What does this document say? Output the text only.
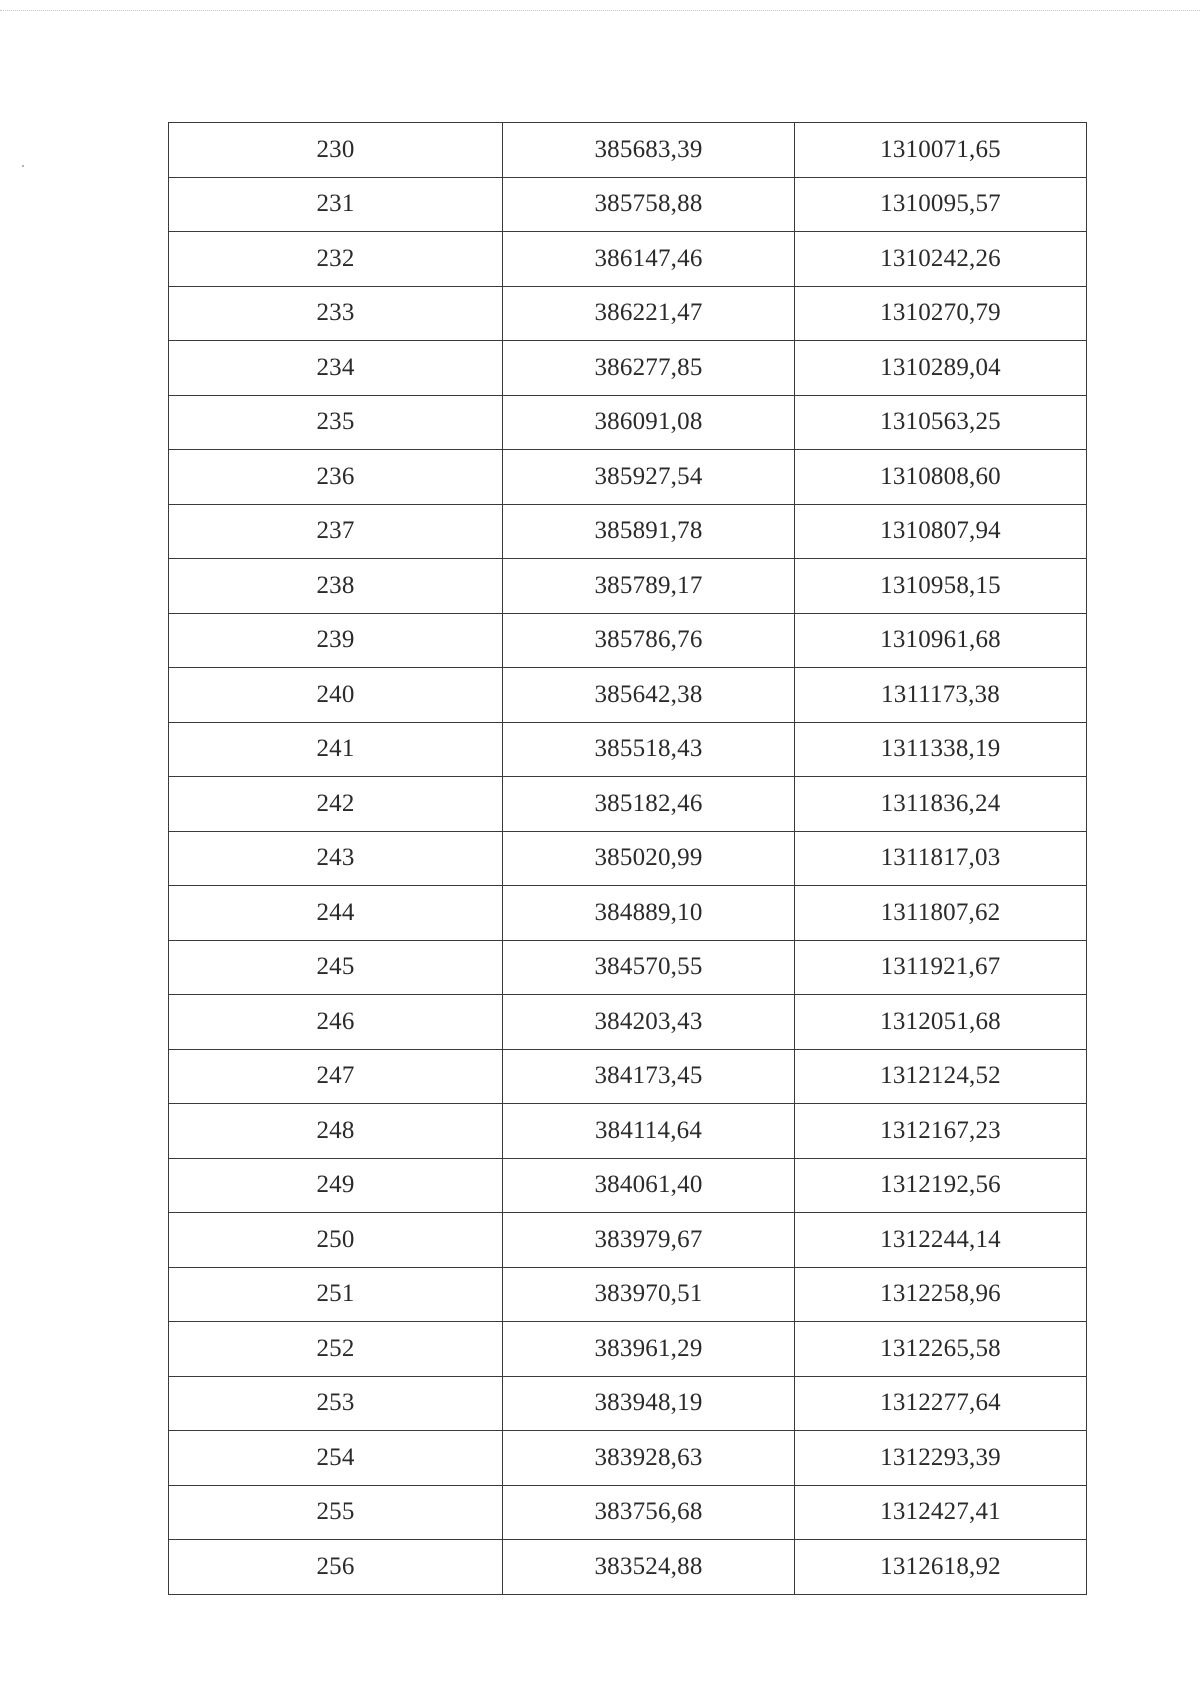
230	385683,39	1310071,65
231	385758,88	1310095,57
232	386147,46	1310242,26
233	386221,47	1310270,79
234	386277,85	1310289,04
235	386091,08	1310563,25
236	385927,54	1310808,60
237	385891,78	1310807,94
238	385789,17	1310958,15
239	385786,76	1310961,68
240	385642,38	1311173,38
241	385518,43	1311338,19
242	385182,46	1311836,24
243	385020,99	1311817,03
244	384889,10	1311807,62
245	384570,55	1311921,67
246	384203,43	1312051,68
247	384173,45	1312124,52
248	384114,64	1312167,23
249	384061,40	1312192,56
250	383979,67	1312244,14
251	383970,51	1312258,96
252	383961,29	1312265,58
253	383948,19	1312277,64
254	383928,63	1312293,39
255	383756,68	1312427,41
256	383524,88	1312618,92
